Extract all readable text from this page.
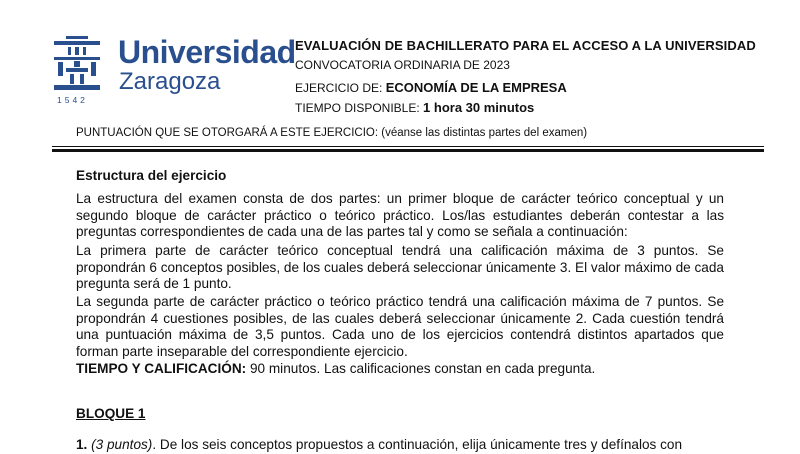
Universidad
Zaragoza
1542
EVALUACIÓN DE BACHILLERATO PARA EL ACCESO A LA UNIVERSIDAD
CONVOCATORIA ORDINARIA DE 2023
EJERCICIO DE: ECONOMÍA DE LA EMPRESA
TIEMPO DISPONIBLE: 1 hora 30 minutos
PUNTUACIÓN QUE SE OTORGARÁ A ESTE EJERCICIO: (véanse las distintas partes del examen)
Estructura del ejercicio
La estructura del examen consta de dos partes: un primer bloque de carácter teórico conceptual y un segundo bloque de carácter práctico o teórico práctico. Los/las estudiantes deberán contestar a las preguntas correspondientes de cada una de las partes tal y como se señala a continuación:
La primera parte de carácter teórico conceptual tendrá una calificación máxima de 3 puntos. Se propondrán 6 conceptos posibles, de los cuales deberá seleccionar únicamente 3. El valor máximo de cada pregunta será de 1 punto.
La segunda parte de carácter práctico o teórico práctico tendrá una calificación máxima de 7 puntos. Se propondrán 4 cuestiones posibles, de las cuales deberá seleccionar únicamente 2. Cada cuestión tendrá una puntuación máxima de 3,5 puntos. Cada uno de los ejercicios contendrá distintos apartados que forman parte inseparable del correspondiente ejercicio.
TIEMPO Y CALIFICACIÓN: 90 minutos. Las calificaciones constan en cada pregunta.
BLOQUE 1
1. (3 puntos). De los seis conceptos propuestos a continuación, elija únicamente tres y defínalos con
